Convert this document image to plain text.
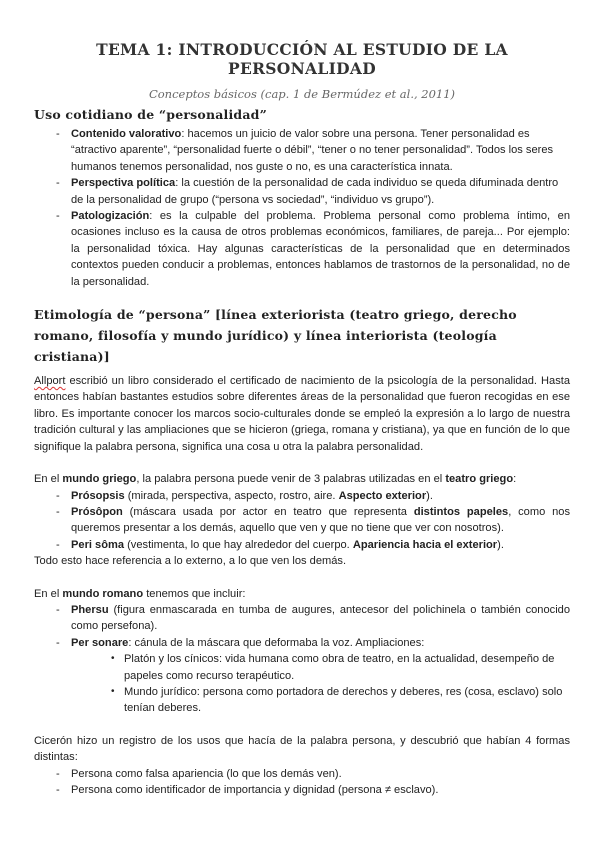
TEMA 1: INTRODUCCIÓN AL ESTUDIO DE LA PERSONALIDAD
Conceptos básicos (cap. 1 de Bermúdez et al., 2011)
Uso cotidiano de “personalidad”
- Contenido valorativo: hacemos un juicio de valor sobre una persona. Tener personalidad es “atractivo aparente”, “personalidad fuerte o débil”, “tener o no tener personalidad”. Todos los seres humanos tenemos personalidad, nos guste o no, es una característica innata.
- Perspectiva política: la cuestión de la personalidad de cada individuo se queda difuminada dentro de la personalidad de grupo (“persona vs sociedad”, “individuo vs grupo”).
- Patologización: es la culpable del problema. Problema personal como problema íntimo, en ocasiones incluso es la causa de otros problemas económicos, familiares, de pareja... Por ejemplo: la personalidad tóxica. Hay algunas características de la personalidad que en determinados contextos pueden conducir a problemas, entonces hablamos de trastornos de la personalidad, no de la personalidad.
Etimología de “persona” [línea exteriorista (teatro griego, derecho romano, filosofía y mundo jurídico) y línea interiorista (teología cristiana)]

Allport escribió un libro considerado el certificado de nacimiento de la psicología de la personalidad. Hasta entonces habían bastantes estudios sobre diferentes áreas de la personalidad que fueron recogidas en ese libro. Es importante conocer los marcos socio-culturales donde se empleó la expresión a lo largo de nuestra tradición cultural y las ampliaciones que se hicieron (griega, romana y cristiana), ya que en función de lo que signifique la palabra persona, significa una cosa u otra la palabra personalidad.

En el mundo griego, la palabra persona puede venir de 3 palabras utilizadas en el teatro griego:

- Prósopsis (mirada, perspectiva, aspecto, rostro, aire. Aspecto exterior).
- Prósôpon (máscara usada por actor en teatro que representa distintos papeles, como nos queremos presentar a los demás, aquello que ven y que no tiene que ver con nosotros).
- Peri sôma (vestimenta, lo que hay alrededor del cuerpo. Apariencia hacia el exterior).

Todo esto hace referencia a lo externo, a lo que ven los demás.

En el mundo romano tenemos que incluir:

- Phersu (figura enmascarada en tumba de augures, antecesor del polichinela o también conocido como persefona).
- Per sonare: cánula de la máscara que deformaba la voz. Ampliaciones:
• Platón y los cínicos: vida humana como obra de teatro, en la actualidad, desempeño de papeles como recurso terapéutico.
• Mundo jurídico: persona como portadora de derechos y deberes, res (cosa, esclavo) solo tenían deberes.

Cicerón hizo un registro de los usos que hacía de la palabra persona, y descubrió que habían 4 formas distintas:

- Persona como falsa apariencia (lo que los demás ven).
- Persona como identificador de importancia y dignidad (persona ≠ esclavo).
